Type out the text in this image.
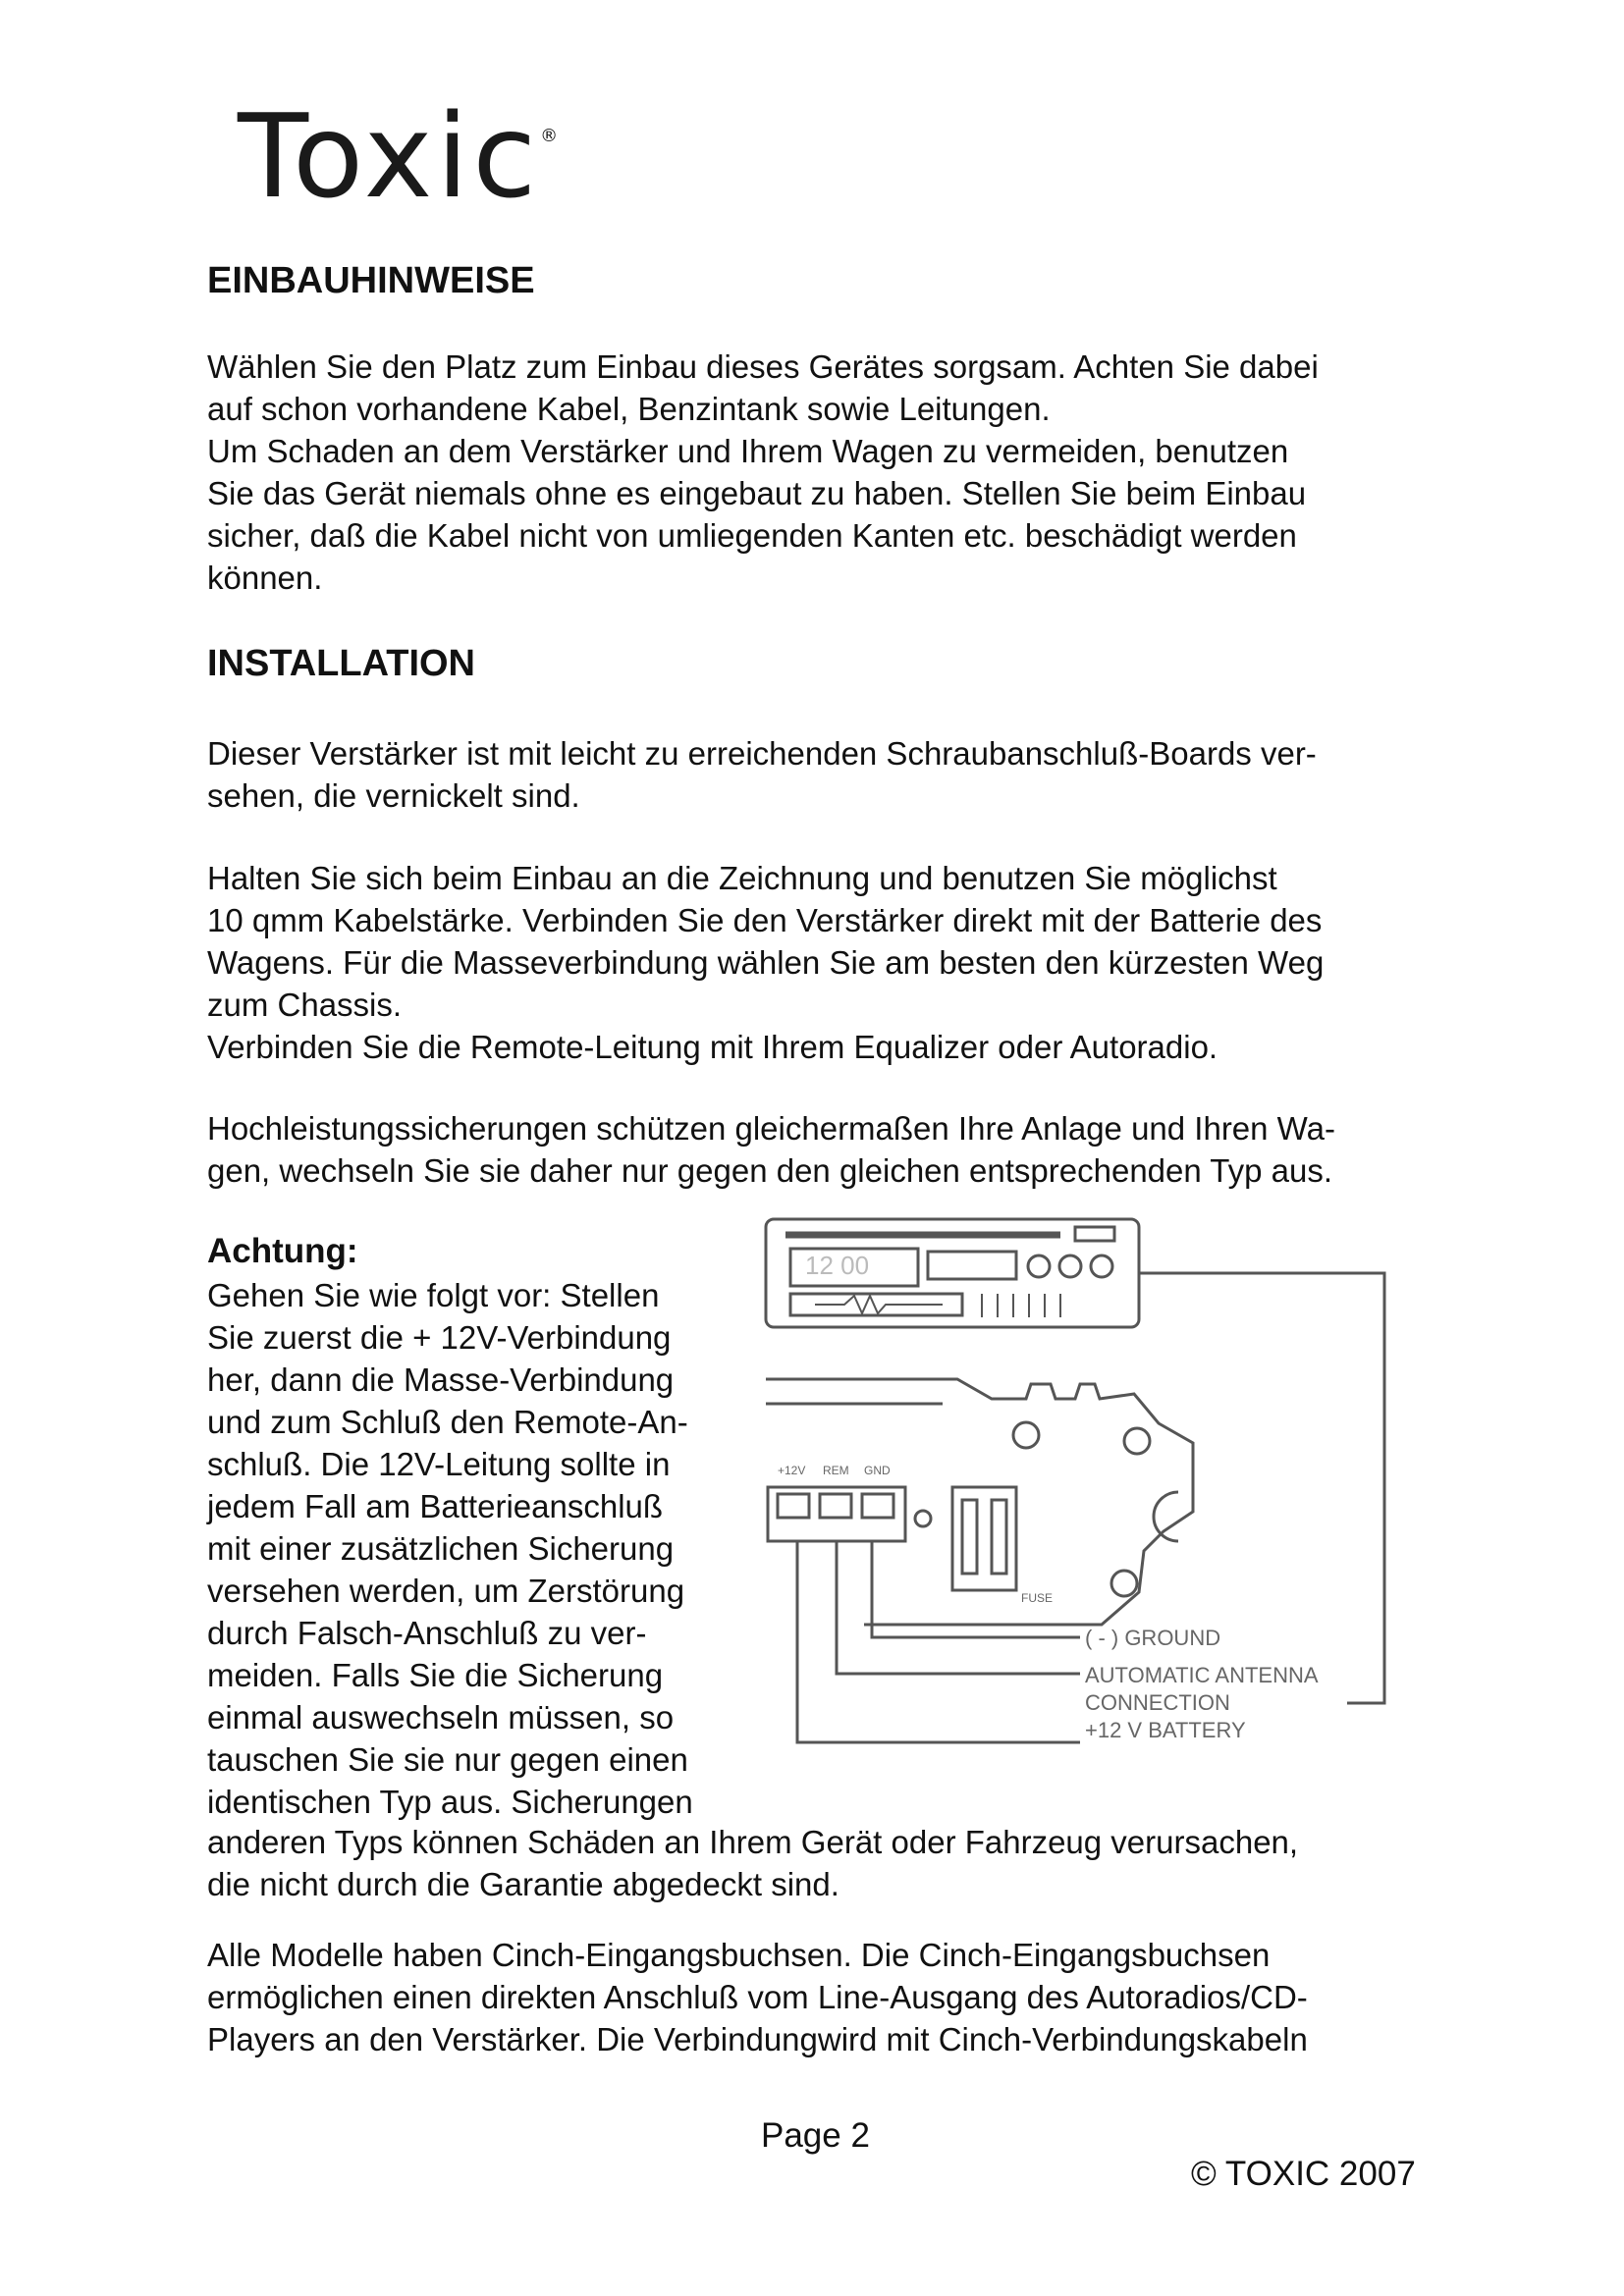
Toxic®
EINBAUHINWEISE

Wählen Sie den Platz zum Einbau dieses Gerätes sorgsam. Achten Sie dabei
auf schon vorhandene Kabel, Benzintank sowie Leitungen.
Um Schaden an dem Verstärker und Ihrem Wagen zu vermeiden, benutzen
Sie das Gerät niemals ohne es eingebaut zu haben. Stellen Sie beim Einbau
sicher, daß die Kabel nicht von umliegenden Kanten etc. beschädigt werden
können.

INSTALLATION

Dieser Verstärker ist mit leicht zu erreichenden Schraubanschluß-Boards ver-
sehen, die vernickelt sind.

Halten Sie sich beim Einbau an die Zeichnung und benutzen Sie möglichst
10 qmm Kabelstärke. Verbinden Sie den Verstärker direkt mit der Batterie des
Wagens. Für die Masseverbindung wählen Sie am besten den kürzesten Weg
zum Chassis.
Verbinden Sie die Remote-Leitung mit Ihrem Equalizer oder Autoradio.

Hochleistungssicherungen schützen gleichermaßen Ihre Anlage und Ihren Wa-
gen, wechseln Sie sie daher nur gegen den gleichen entsprechenden Typ aus.

Achtung:

Gehen Sie wie folgt vor: Stellen
Sie zuerst die + 12V-Verbindung
her, dann die Masse-Verbindung
und zum Schluß den Remote-An-
schluß. Die 12V-Leitung sollte in
jedem Fall am Batterieanschluß
mit einer zusätzlichen Sicherung
versehen werden, um Zerstörung
durch Falsch-Anschluß zu ver-
meiden. Falls Sie die Sicherung
einmal auswechseln müssen, so
tauschen Sie sie nur gegen einen
identischen Typ aus. Sicherungen

anderen Typs können Schäden an Ihrem Gerät oder Fahrzeug verursachen,
die nicht durch die Garantie abgedeckt sind.

12 00
+12V REM GND
FUSE
( - ) GROUND
AUTOMATIC ANTENNA
CONNECTION
+12 V BATTERY

Alle Modelle haben Cinch-Eingangsbuchsen. Die Cinch-Eingangsbuchsen
ermöglichen einen direkten Anschluß vom Line-Ausgang des Autoradios/CD-
Players an den Verstärker. Die Verbindungwird mit Cinch-Verbindungskabeln

Page 2
© TOXIC 2007
